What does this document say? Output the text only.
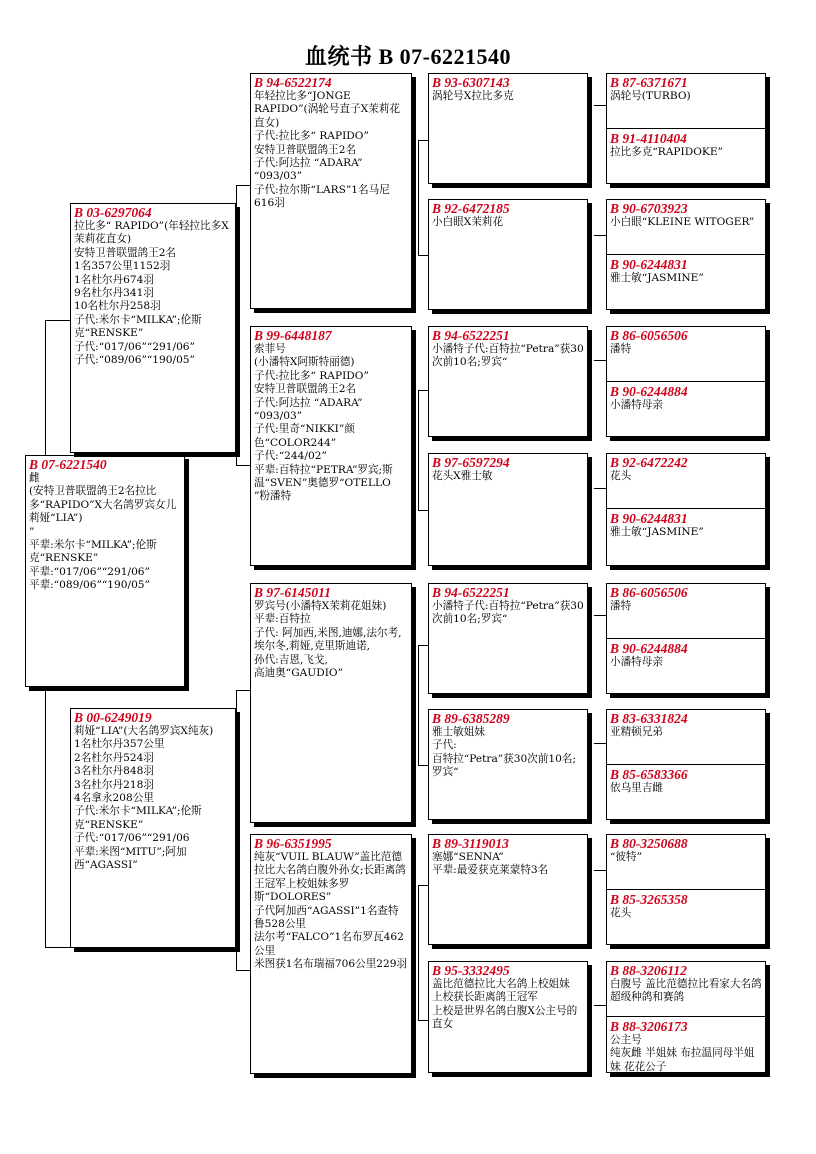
血统书 B 07-6221540
B 07-6221540
雌
(安特卫普联盟鸽王2名拉比多“RAPIDO”X大名鸽罗宾女儿莉娅“LIA”)
”
平辈:米尔卡“MILKA”;伦斯克“RENSKE”
平辈:“017/06”“291/06”
平辈:“089/06”“190/05”
B 03-6297064
拉比多“ RAPIDO”(年轻拉比多X茉莉花直女)
安特卫普联盟鸽王2名
1名357公里1152羽
1名杜尔丹674羽
9名杜尔丹341羽
10名杜尔丹258羽
子代:米尔卡“MILKA”;伦斯克“RENSKE”
子代:“017/06”“291/06”
子代:“089/06”“190/05”
B 00-6249019
莉娅“LIA”(大名鸽罗宾X纯灰)
1名杜尔丹357公里
2名杜尔丹524羽
3名杜尔丹848羽
3名杜尔丹218羽
4名拿永208公里
子代:米尔卡“MILKA”;伦斯克“RENSKE”
子代:“017/06”“291/06
平辈:米图“MITU”;阿加西“AGASSI”
B 94-6522174
年轻拉比多“JONGE RAPIDO”(涡轮号直子X茉莉花直女)
子代:拉比多“ RAPIDO”
安特卫普联盟鸽王2名
子代:阿达拉 “ADARA”
“093/03”
子代:拉尔斯“LARS”1名马尼616羽
B 99-6448187
索菲号
(小潘特X阿斯特丽德)
子代:拉比多“ RAPIDO”
安特卫普联盟鸽王2名
子代:阿达拉 “ADARA”
“093/03”
子代:里奇“NIKKI”颜色“COLOR244”
子代:“244/02”
平辈:百特拉“PETRA”罗宾;斯温“SVEN”奥德罗“OTELLO ”粉潘特
B 97-6145011
罗宾号(小潘特X茉莉花姐妹)
平辈:百特拉
子代: 阿加西,米图,迪娜,法尔考,埃尔冬,莉娅,克里斯迪诺,
孙代:吉恩,飞戈,
高迪奥“GAUDIO”
B 96-6351995
纯灰“VUIL BLAUW”盖比范德拉比大名鸽白腹外孙女;长距离鸽王冠军上校姐妹多罗斯“DOLORES”
子代阿加西“AGASSI”1名查特鲁528公里
法尔考“FALCO”1名布罗瓦462公里
米图获1名布瑞福706公里229羽
B 93-6307143
涡轮号X拉比多克
B 92-6472185
小白眼X茉莉花
B 94-6522251
小潘特子代:百特拉“Petra”获30次前10名;罗宾“
B 97-6597294
花头X雅士敏
B 94-6522251
小潘特子代:百特拉“Petra”获30次前10名;罗宾“
B 89-6385289
雅士敏姐妹
子代:
百特拉“Petra”获30次前10名;罗宾“
B 89-3119013
塞娜“SENNA”
平辈:最爱获克莱蒙特3名
B 95-3332495
盖比范德拉比大名鸽上校姐妹
上校获长距离鸽王冠军
上校是世界名鸽白腹X公主号的直女
B 87-6371671
涡轮号(TURBO)
B 91-4110404
拉比多克“RAPIDOKE”
B 90-6703923
小白眼“KLEINE WITOGER”
B 90-6244831
雅士敏“JASMINE”
B 86-6056506
潘特
B 90-6244884
小潘特母亲
B 92-6472242
花头
B 90-6244831
雅士敏“JASMINE”
B 86-6056506
潘特
B 90-6244884
小潘特母亲
B 83-6331824
亚精顿兄弟
B 85-6583366
依乌里吉雌
B 80-3250688
“彼特”
B 85-3265358
花头
B 88-3206112
白腹号 盖比范德拉比看家大名鸽 超级种鸽和赛鸽
B 88-3206173
公主号
纯灰雌 半姐妹 布拉温同母半姐妹 花花公子
